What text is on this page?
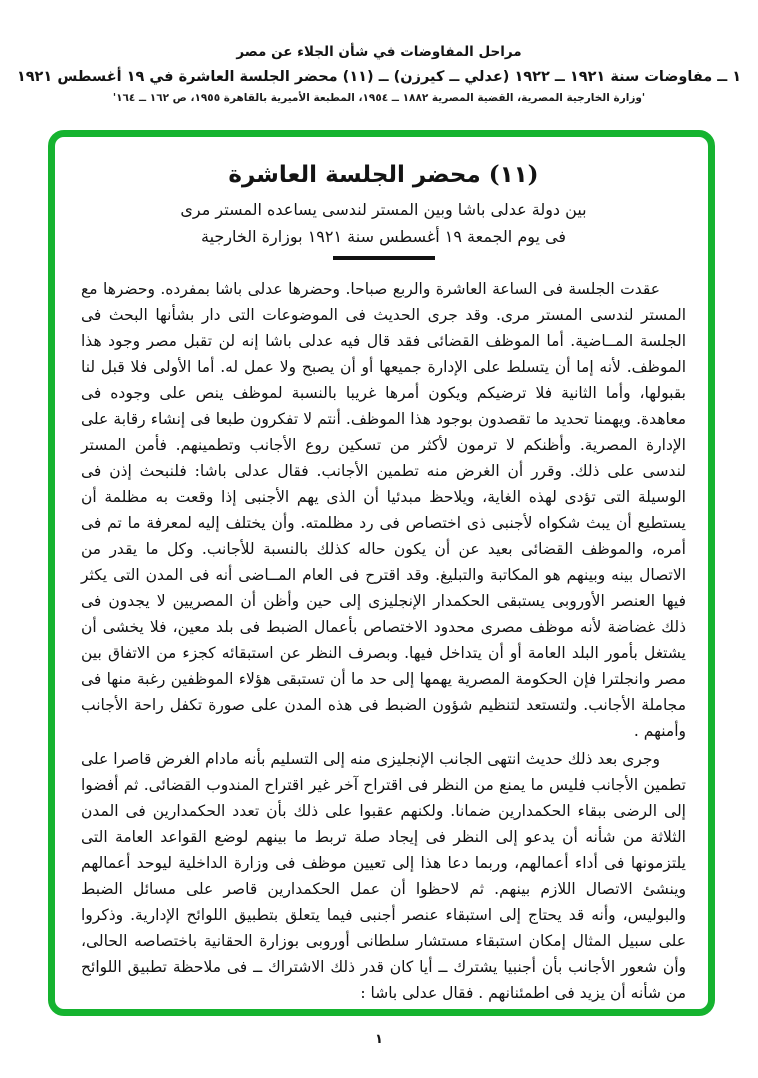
مراحل المفاوضات في شأن الجلاء عن مصر
١ ــ مفاوضات سنة ١٩٢١ ــ ١٩٢٢ (عدلي ــ كيرزن) ــ (١١) محضر الجلسة العاشرة في ١٩ أغسطس ١٩٢١
'وزارة الخارجية المصرية، القضية المصرية ١٨٨٢ ــ ١٩٥٤، المطبعة الأميرية بالقاهرة ١٩٥٥، ص ١٦٢ ــ ١٦٤'
(١١) محضر الجلسة العاشرة
بين دولة عدلى باشا وبين المستر لندسى يساعده المستر مرى
فى يوم الجمعة ١٩ أغسطس سنة ١٩٢١ بوزارة الخارجية

عقدت الجلسة فى الساعة العاشرة والربع صباحا. وحضرها عدلى باشا بمفرده. وحضرها مع المستر لندسى المستر مرى. وقد جرى الحديث فى الموضوعات التى دار بشأنها البحث فى الجلسة المــاضية. أما الموظف القضائى فقد قال فيه عدلى باشا إنه لن تقبل مصر وجود هذا الموظف. لأنه إما أن يتسلط على الإدارة جميعها أو أن يصبح ولا عمل له. أما الأولى فلا قبل لنا بقبولها، وأما الثانية فلا ترضيكم ويكون أمرها غريبا بالنسبة لموظف ينص على وجوده فى معاهدة. ويهمنا تحديد ما تقصدون بوجود هذا الموظف. أنتم لا تفكرون طبعا فى إنشاء رقابة على الإدارة المصرية. وأظنكم لا ترمون لأكثر من تسكين روع الأجانب وتطمينهم. فأمن المستر لندسى على ذلك. وقرر أن الغرض منه تطمين الأجانب. فقال عدلى باشا: فلنبحث إذن فى الوسيلة التى تؤدى لهذه الغاية، ويلاحظ مبدئيا أن الذى يهم الأجنبى إذا وقعت به مظلمة أن يستطيع أن يبث شكواه لأجنبى ذى اختصاص فى رد مظلمته. وأن يختلف إليه لمعرفة ما تم فى أمره، والموظف القضائى بعيد عن أن يكون حاله كذلك بالنسبة للأجانب. وكل ما يقدر من الاتصال بينه وبينهم هو المكاتبة والتبليغ. وقد اقترح فى العام المــاضى أنه فى المدن التى يكثر فيها العنصر الأوروبى يستبقى الحكمدار الإنجليزى إلى حين وأظن أن المصريين لا يجدون فى ذلك غضاضة لأنه موظف مصرى محدود الاختصاص بأعمال الضبط فى بلد معين، فلا يخشى أن يشتغل بأمور البلد العامة أو أن يتداخل فيها. وبصرف النظر عن استبقائه كجزء من الاتفاق بين مصر وانجلترا فإن الحكومة المصرية يهمها إلى حد ما أن تستبقى هؤلاء الموظفين رغبة منها فى مجاملة الأجانب. ولتستعد لتنظيم شؤون الضبط فى هذه المدن على صورة تكفل راحة الأجانب وأمنهم .

وجرى بعد ذلك حديث انتهى الجانب الإنجليزى منه إلى التسليم بأنه مادام الغرض قاصرا على تطمين الأجانب فليس ما يمنع من النظر فى اقتراح آخر غير اقتراح المندوب القضائى. ثم أفضوا إلى الرضى ببقاء الحكمدارين ضمانا. ولكنهم عقبوا على ذلك بأن تعدد الحكمدارين فى المدن الثلاثة من شأنه أن يدعو إلى النظر فى إيجاد صلة تربط ما بينهم لوضع القواعد العامة التى يلتزمونها فى أداء أعمالهم، وربما دعا هذا إلى تعيين موظف فى وزارة الداخلية ليوحد أعمالهم وينشئ الاتصال اللازم بينهم. ثم لاحظوا أن عمل الحكمدارين قاصر على مسائل الضبط والبوليس، وأنه قد يحتاج إلى استبقاء عنصر أجنبى فيما يتعلق بتطبيق اللوائح الإدارية. وذكروا على سبيل المثال إمكان استبقاء مستشار سلطانى أوروبى بوزارة الحقانية باختصاصه الحالى، وأن شعور الأجانب بأن أجنبيا يشترك ــ أيا كان قدر ذلك الاشتراك ــ فى ملاحظة تطبيق اللوائح من شأنه أن يزيد فى اطمئنانهم . فقال عدلى باشا :

١
